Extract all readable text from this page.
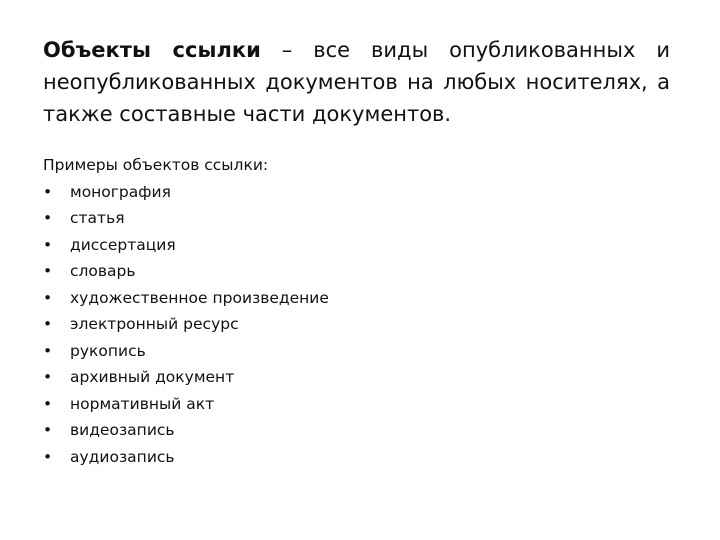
Объекты ссылки – все виды опубликованных и неопубликованных документов на любых носителях, а также составные части документов.

Примеры объектов ссылки:

• монография
• статья
• диссертация
• словарь
• художественное произведение
• электронный ресурс
• рукопись
• архивный документ
• нормативный акт
• видеозапись
• аудиозапись
